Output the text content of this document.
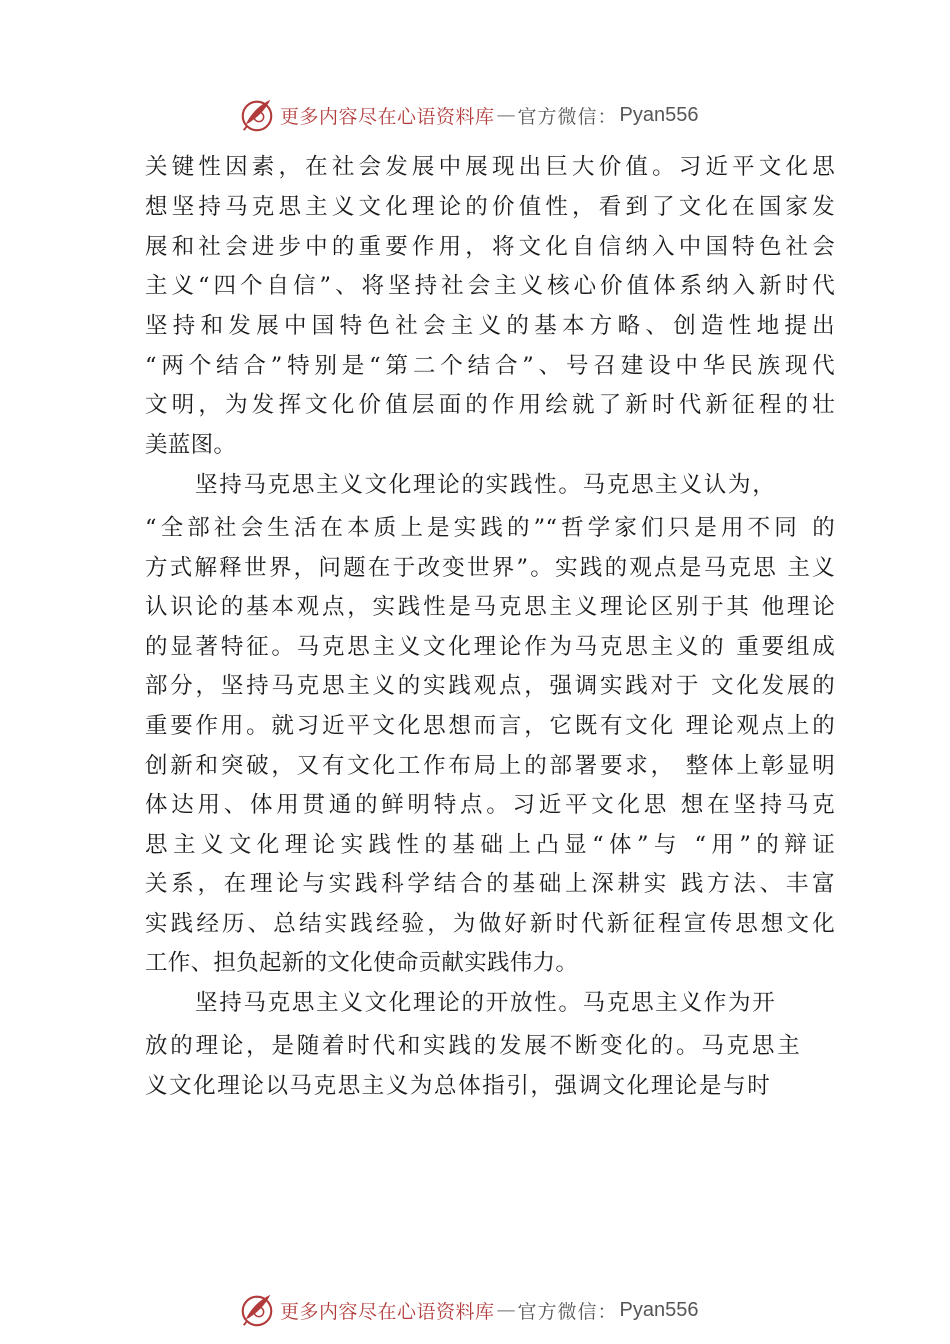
更多内容尽在心语资料库 — 官方微信： Pyan556
关键性因素，在社会发展中展现出巨大价值。习近平文化思
想坚持马克思主义文化理论的价值性，看到了文化在国家发
展和社会进步中的重要作用，将文化自信纳入中国特色社会
主义“四个自信”、将坚持社会主义核心价值体系纳入新时代
坚持和发展中国特色社会主义的基本方略、创造性地提出
“两个结合”特别是“第二个结合”、号召建设中华民族现代
文明，为发挥文化价值层面的作用绘就了新时代新征程的壮
美蓝图。
坚持马克思主义文化理论的实践性。马克思主义认为，
“全部社会生活在本质上是实践的”“哲学家们只是用不同 的
方式解释世界，问题在于改变世界”。实践的观点是马克思 主义
认识论的基本观点，实践性是马克思主义理论区别于其 他理论
的显著特征。马克思主义文化理论作为马克思主义的 重要组成
部分，坚持马克思主义的实践观点，强调实践对于 文化发展的
重要作用。就习近平文化思想而言，它既有文化 理论观点上的
创新和突破，又有文化工作布局上的部署要求， 整体上彰显明
体达用、体用贯通的鲜明特点。习近平文化思 想在坚持马克
思主义文化理论实践性的基础上凸显“体”与 “用”的辩证
关系，在理论与实践科学结合的基础上深耕实 践方法、丰富
实践经历、总结实践经验，为做好新时代新征程宣传思想文化
工作、担负起新的文化使命贡献实践伟力。
坚持马克思主义文化理论的开放性。马克思主义作为开
放的理论，是随着时代和实践的发展不断变化的。马克思主
义文化理论以马克思主义为总体指引，强调文化理论是与时
更多内容尽在心语资料库 — 官方微信： Pyan556
